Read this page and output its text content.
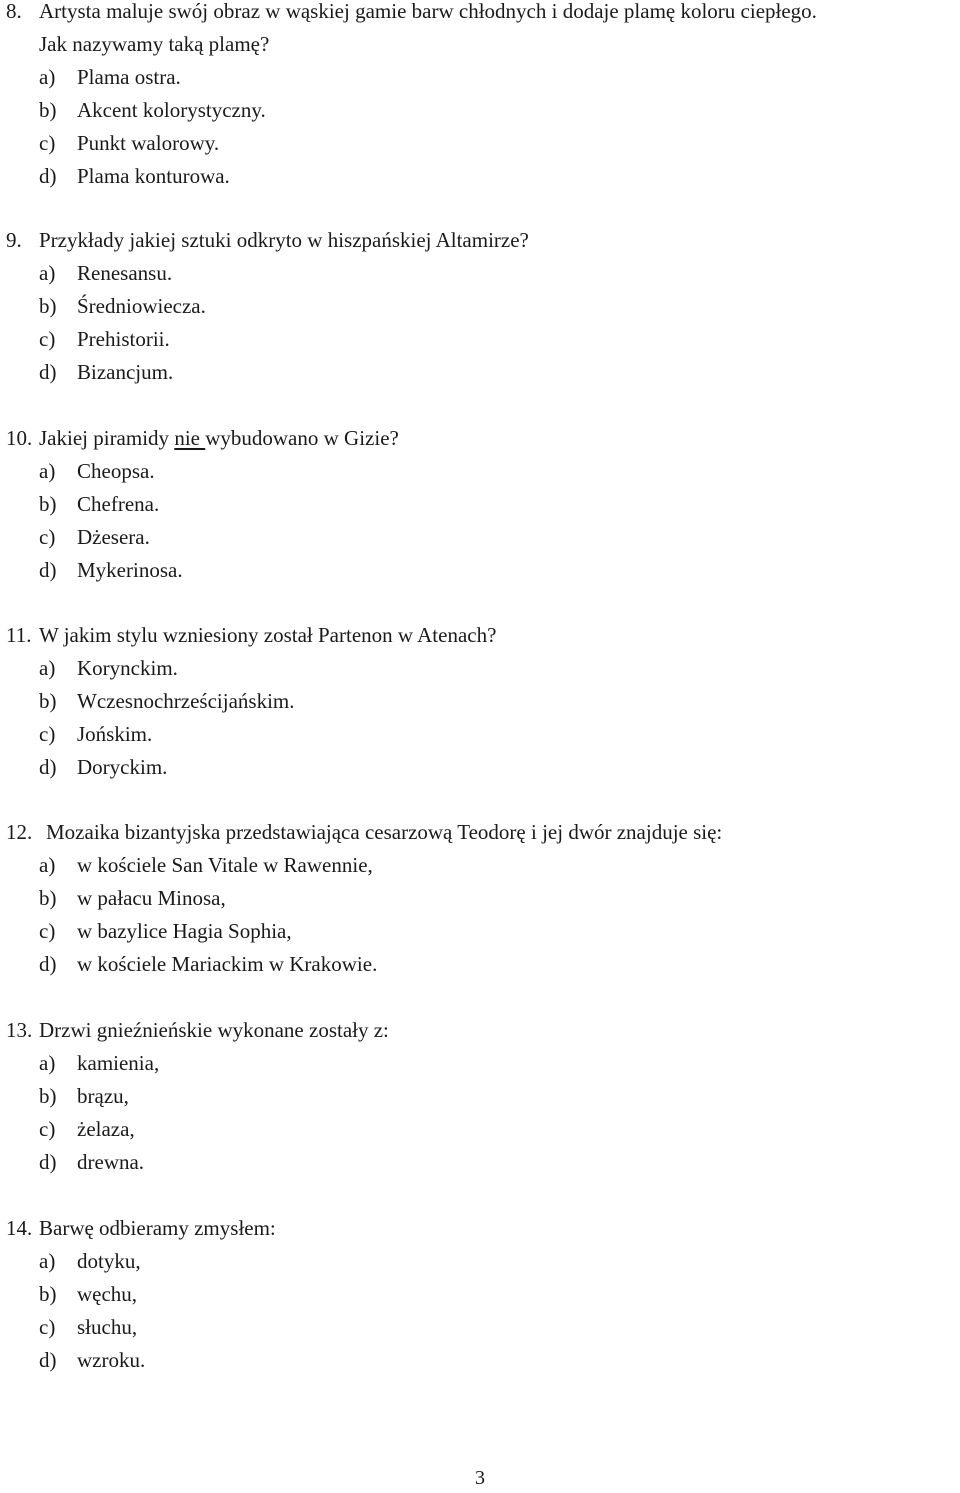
8. Artysta maluje swój obraz w wąskiej gamie barw chłodnych i dodaje plamę koloru ciepłego.
Jak nazywamy taką plamę?
a) Plama ostra.
b) Akcent kolorystyczny.
c) Punkt walorowy.
d) Plama konturowa.
9. Przykłady jakiej sztuki odkryto w hiszpańskiej Altamirze?
a) Renesansu.
b) Średniowiecza.
c) Prehistorii.
d) Bizancjum.
10. Jakiej piramidy nie wybudowano w Gizie?
a) Cheopsa.
b) Chefrena.
c) Dżesera.
d) Mykerinosa.
11. W jakim stylu wzniesiony został Partenon w Atenach?
a) Korynckim.
b) Wczesnochrześcijańskim.
c) Jońskim.
d) Doryckim.
12. Mozaika bizantyjska przedstawiająca cesarzową Teodorę i jej dwór znajduje się:
a) w kościele San Vitale w Rawennie,
b) w pałacu Minosa,
c) w bazylice Hagia Sophia,
d) w kościele Mariackim w Krakowie.
13. Drzwi gnieźnieńskie wykonane zostały z:
a) kamienia,
b) brązu,
c) żelaza,
d) drewna.
14. Barwę odbieramy zmysłem:
a) dotyku,
b) węchu,
c) słuchu,
d) wzroku.
3
